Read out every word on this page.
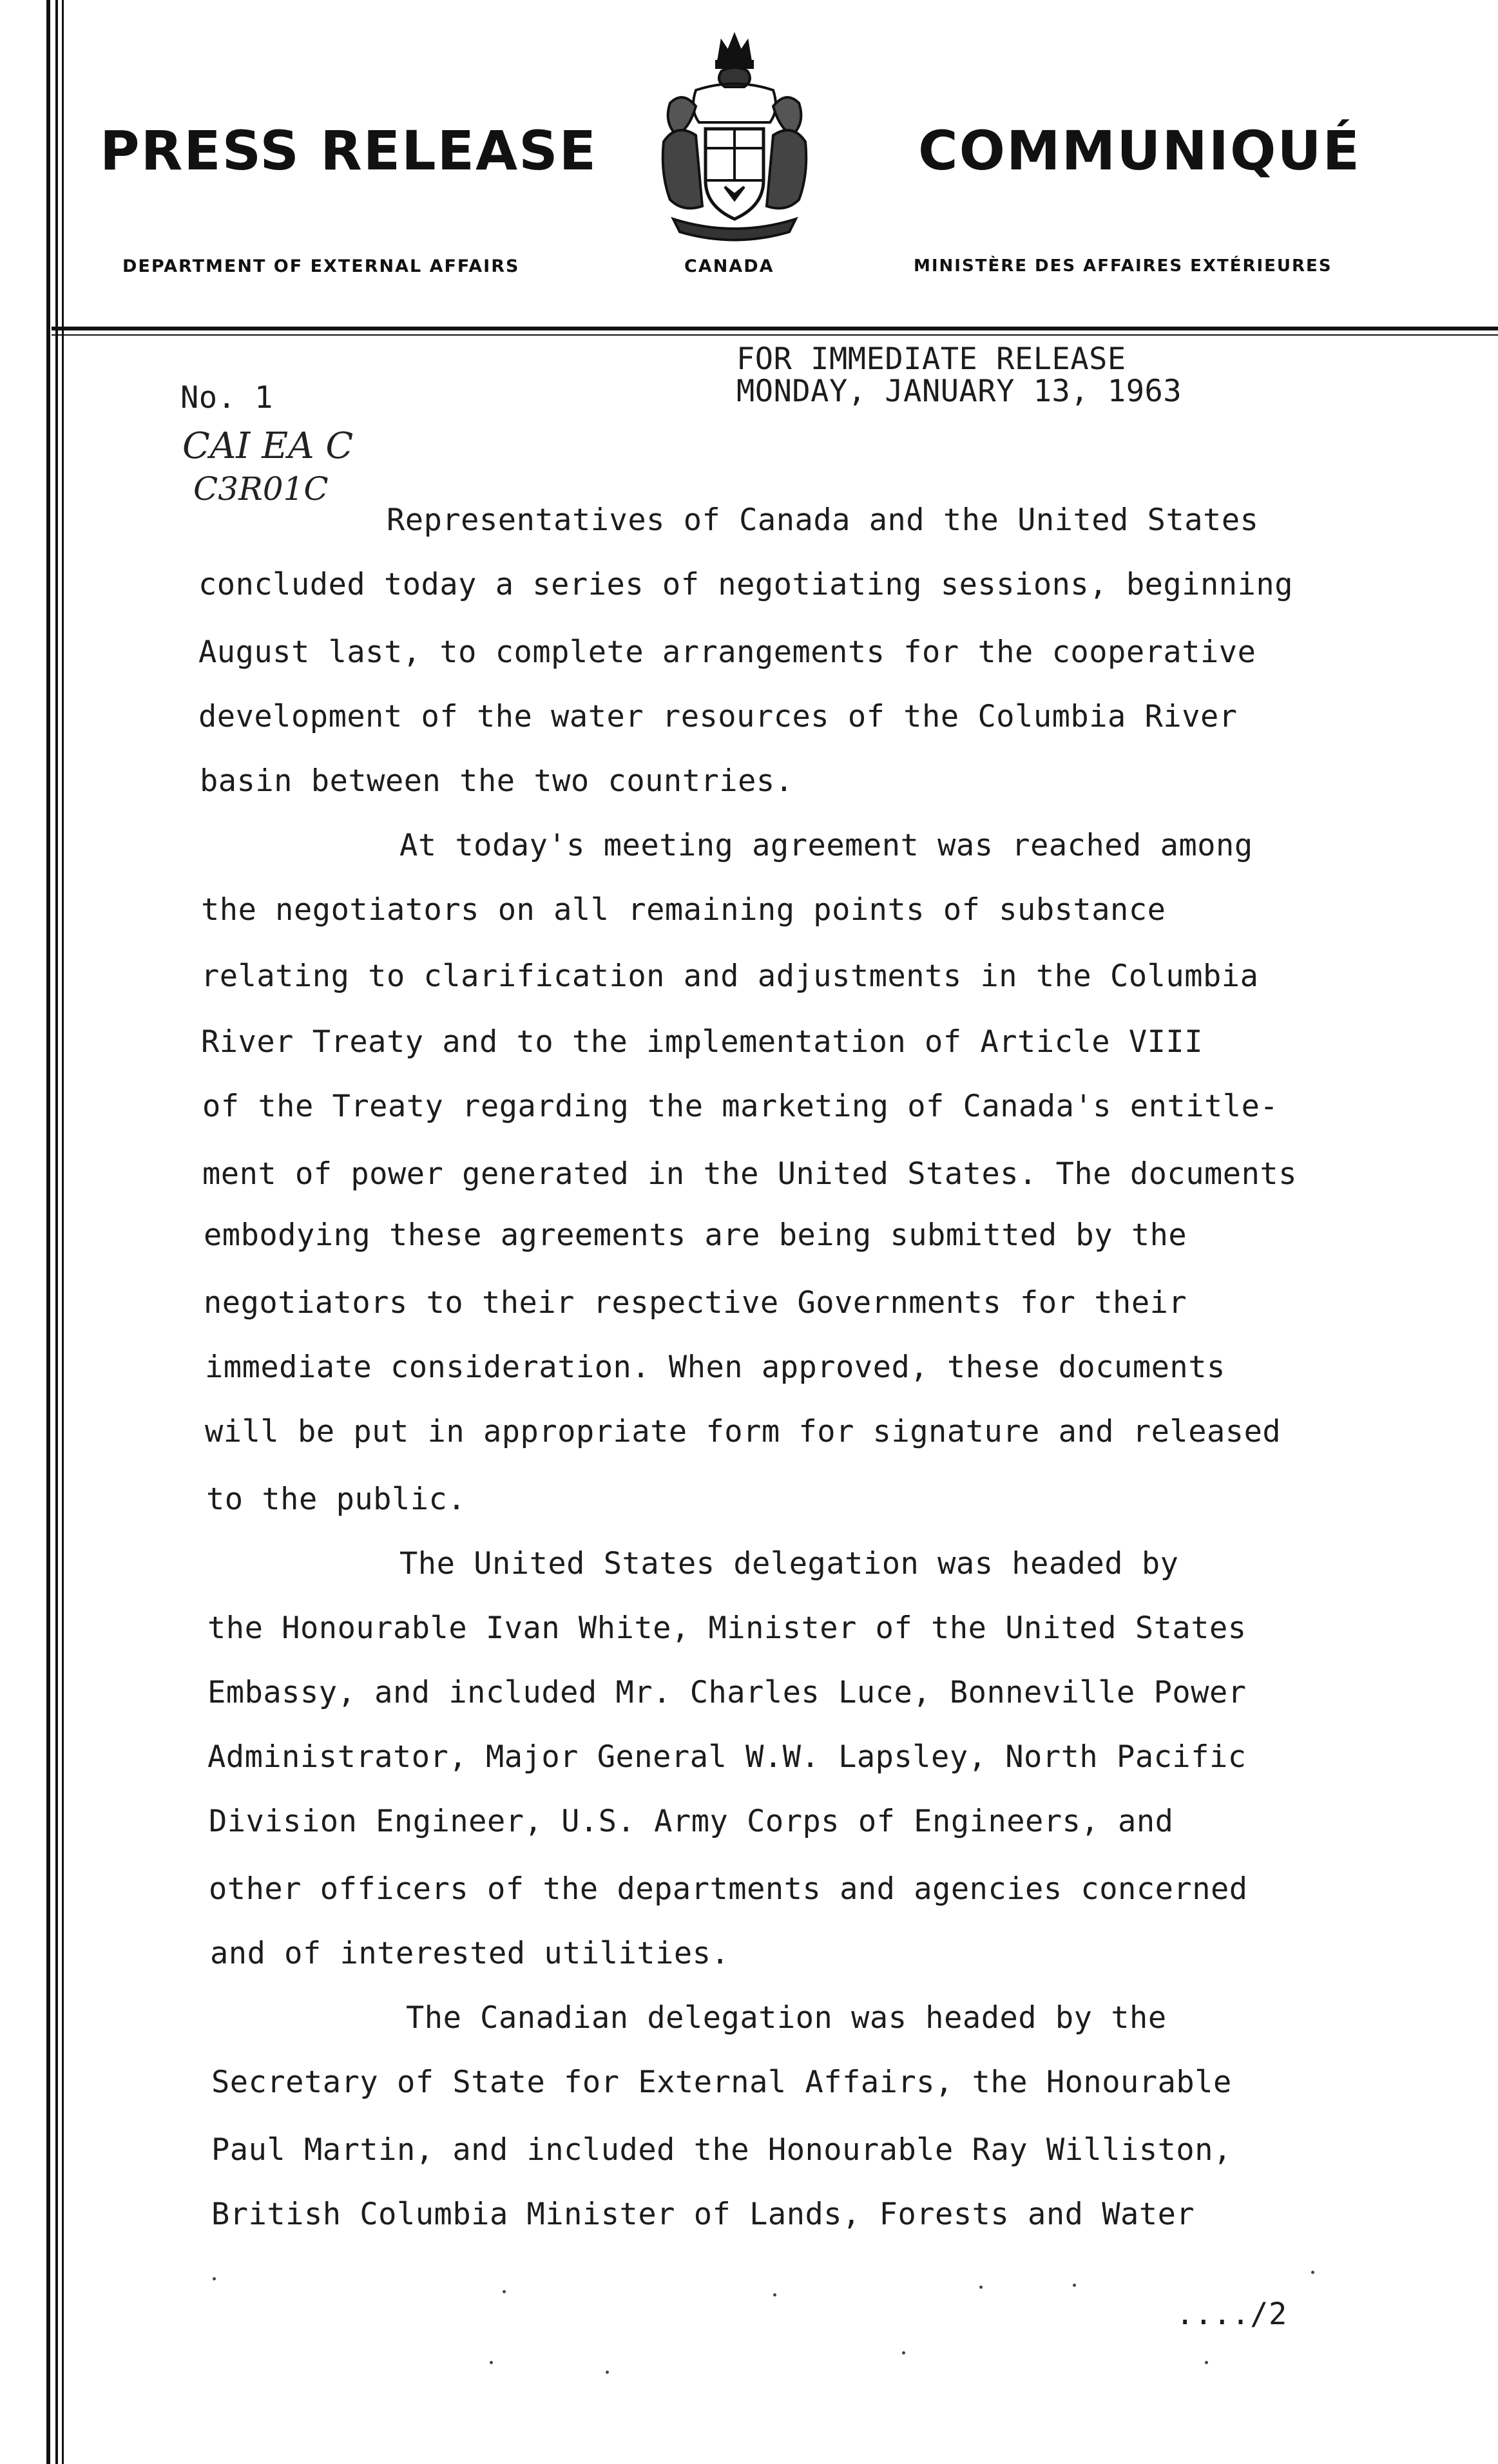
PRESS RELEASE	COMMUNIQUÉ
DEPARTMENT OF EXTERNAL AFFAIRS	CANADA	MINISTÈRE DES AFFAIRES EXTÉRIEURES
FOR IMMEDIATE RELEASE
MONDAY, JANUARY 13, 1963
No. 1
CAI EA C
C3R01C
Representatives of Canada and the United States
concluded today a series of negotiating sessions, beginning
August last, to complete arrangements for the cooperative
development of the water resources of the Columbia River
basin between the two countries.
At today's meeting agreement was reached among
the negotiators on all remaining points of substance
relating to clarification and adjustments in the Columbia
River Treaty and to the implementation of Article VIII
of the Treaty regarding the marketing of Canada's entitle-
ment of power generated in the United States. The documents
embodying these agreements are being submitted by the
negotiators to their respective Governments for their
immediate consideration. When approved, these documents
will be put in appropriate form for signature and released
to the public.
The United States delegation was headed by
the Honourable Ivan White, Minister of the United States
Embassy, and included Mr. Charles Luce, Bonneville Power
Administrator, Major General W.W. Lapsley, North Pacific
Division Engineer, U.S. Army Corps of Engineers, and
other officers of the departments and agencies concerned
and of interested utilities.
The Canadian delegation was headed by the
Secretary of State for External Affairs, the Honourable
Paul Martin, and included the Honourable Ray Williston,
British Columbia Minister of Lands, Forests and Water
..../2
